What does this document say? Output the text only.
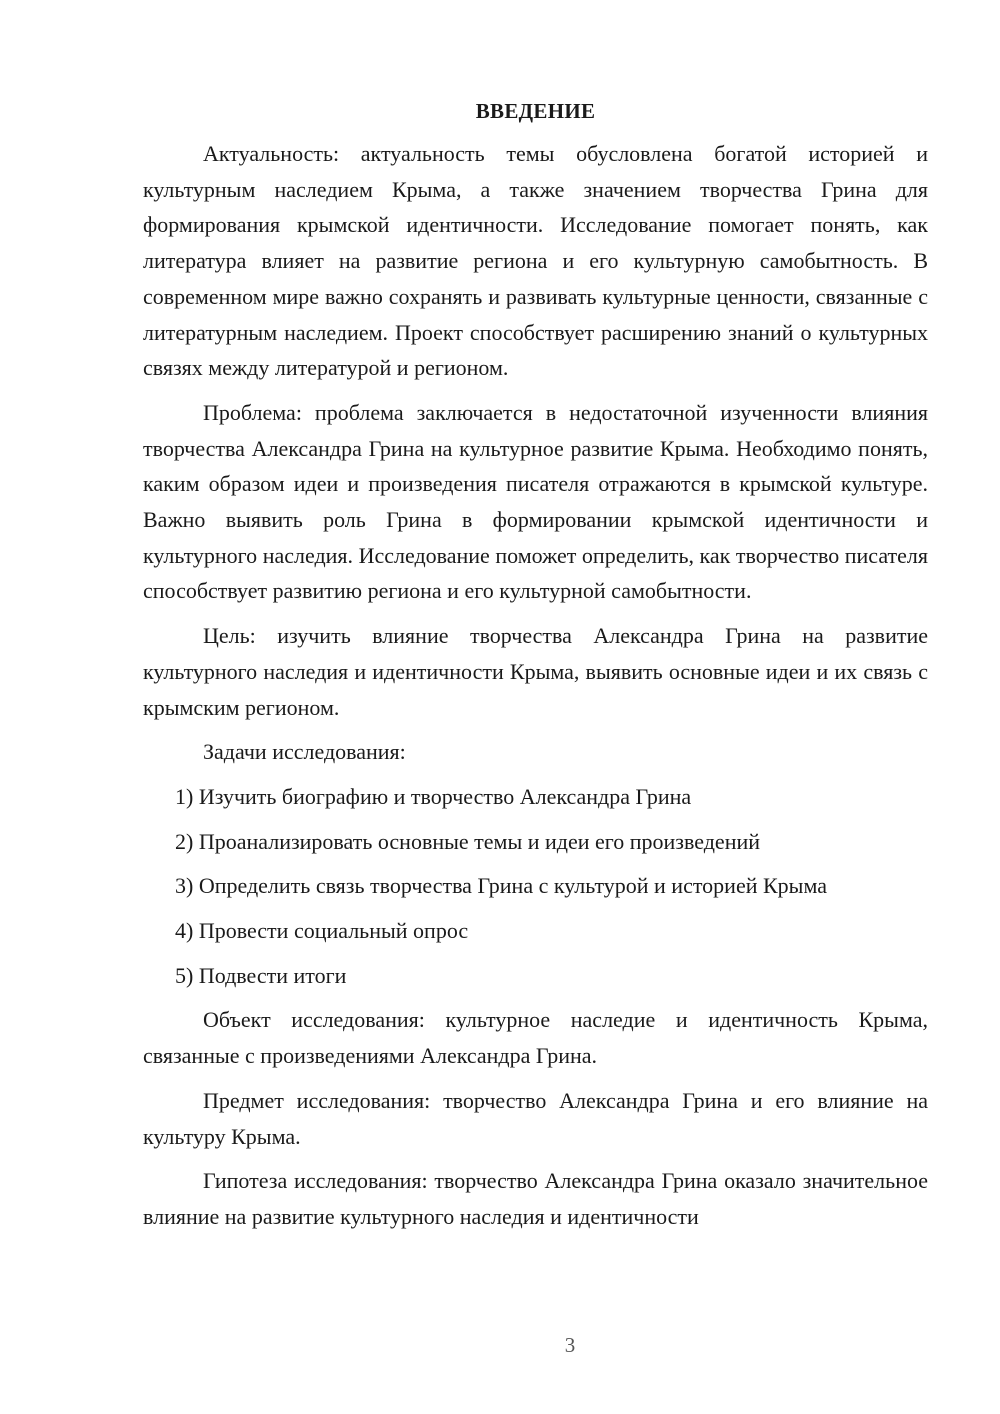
ВВЕДЕНИЕ

Актуальность: актуальность темы обусловлена богатой историей и культурным наследием Крыма, а также значением творчества Грина для формирования крымской идентичности. Исследование помогает понять, как литература влияет на развитие региона и его культурную самобытность. В современном мире важно сохранять и развивать культурные ценности, связанные с литературным наследием. Проект способствует расширению знаний о культурных связях между литературой и регионом.

Проблема: проблема заключается в недостаточной изученности влияния творчества Александра Грина на культурное развитие Крыма. Необходимо понять, каким образом идеи и произведения писателя отражаются в крымской культуре. Важно выявить роль Грина в формировании крымской идентичности и культурного наследия. Исследование поможет определить, как творчество писателя способствует развитию региона и его культурной самобытности.

Цель: изучить влияние творчества Александра Грина на развитие культурного наследия и идентичности Крыма, выявить основные идеи и их связь с крымским регионом.

Задачи исследования:

1) Изучить биографию и творчество Александра Грина
2) Проанализировать основные темы и идеи его произведений
3) Определить связь творчества Грина с культурой и историей Крыма
4) Провести социальный опрос
5) Подвести итоги

Объект исследования: культурное наследие и идентичность Крыма, связанные с произведениями Александра Грина.

Предмет исследования: творчество Александра Грина и его влияние на культуру Крыма.

Гипотеза исследования: творчество Александра Грина оказало значительное влияние на развитие культурного наследия и идентичности

3
